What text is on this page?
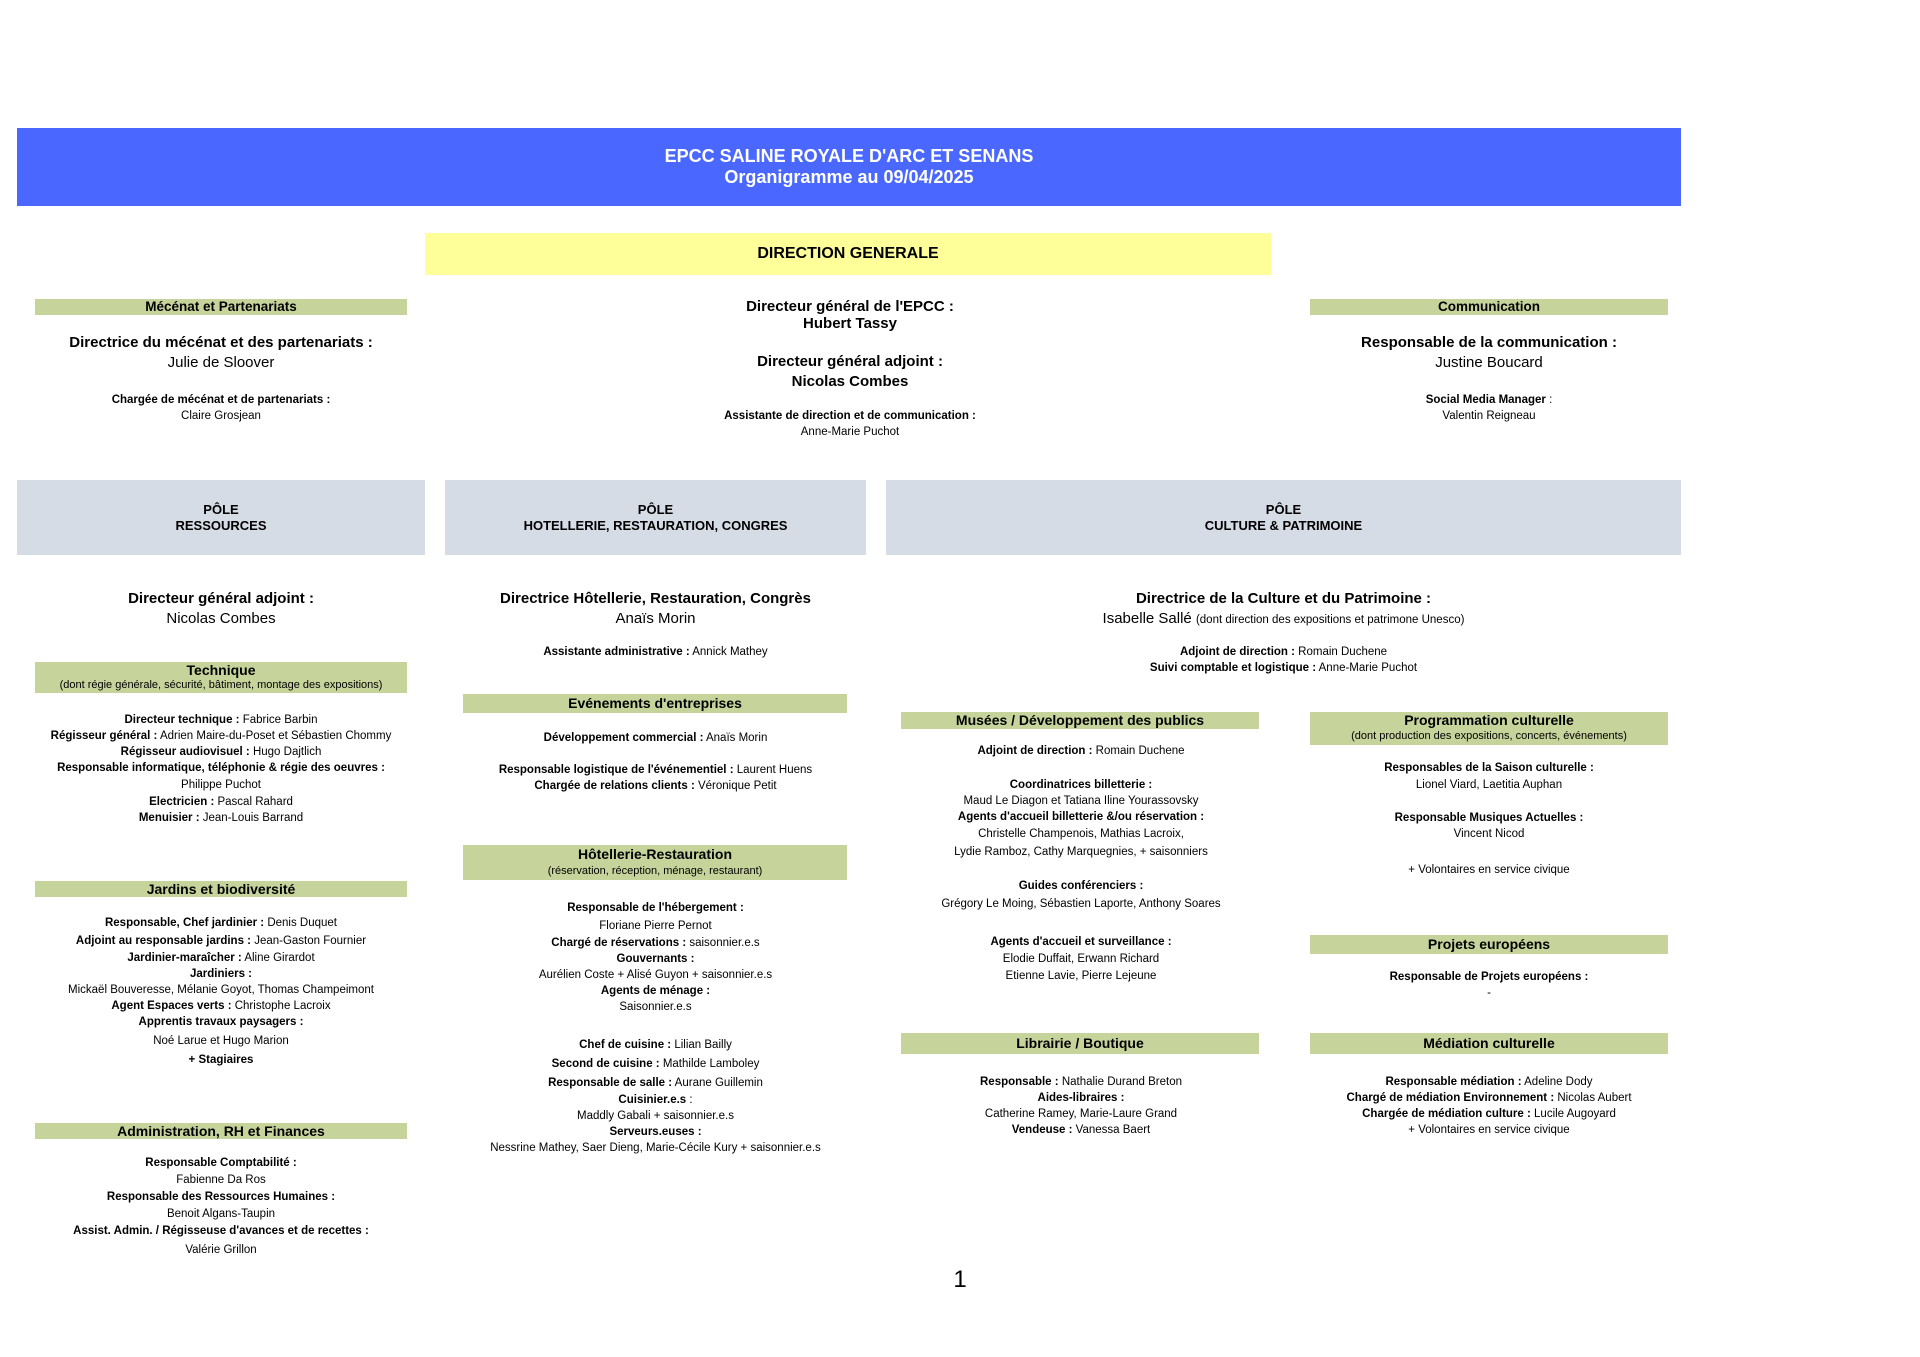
EPCC SALINE ROYALE D'ARC ET SENANS
Organigramme au 09/04/2025
DIRECTION GENERALE
Directeur général de l'EPCC :
Hubert Tassy
Directeur général adjoint :
Nicolas Combes
Assistante de direction et de communication :
Anne-Marie Puchot
Mécénat et Partenariats
Directrice du mécénat et des partenariats :
Julie de Sloover
Chargée de mécénat et de partenariats :
Claire Grosjean
Communication
Responsable de la communication :
Justine Boucard
Social Media Manager :
Valentin Reigneau
PÔLE
RESSOURCES
PÔLE
HOTELLERIE, RESTAURATION, CONGRES
PÔLE
CULTURE & PATRIMOINE
Directeur général adjoint :
Nicolas Combes
Technique
(dont régie générale, sécurité, bâtiment, montage des expositions)
Directeur technique : Fabrice Barbin
Régisseur général : Adrien Maire-du-Poset et Sébastien Chommy
Régisseur audiovisuel : Hugo Dajtlich
Responsable informatique, téléphonie & régie des oeuvres :
Philippe Puchot
Electricien : Pascal Rahard
Menuisier : Jean-Louis Barrand
Jardins et biodiversité
Responsable, Chef jardinier : Denis Duquet
Adjoint au responsable jardins : Jean-Gaston Fournier
Jardinier-maraîcher : Aline Girardot
Jardiniers :
Mickaël Bouveresse, Mélanie Goyot, Thomas Champeimont
Agent Espaces verts : Christophe Lacroix
Apprentis travaux paysagers :
Noé Larue et Hugo Marion
+ Stagiaires
Administration, RH et Finances
Responsable Comptabilité :
Fabienne Da Ros
Responsable des Ressources Humaines :
Benoit Algans-Taupin
Assist. Admin. / Régisseuse d'avances et de recettes :
Valérie Grillon
Directrice Hôtellerie, Restauration, Congrès
Anaïs Morin
Assistante administrative : Annick Mathey
Evénements d'entreprises
Développement commercial : Anaïs Morin
Responsable logistique de l'événementiel : Laurent Huens
Chargée de relations clients : Véronique Petit
Hôtellerie-Restauration
(réservation, réception, ménage, restaurant)
Responsable de l'hébergement :
Floriane Pierre Pernot
Chargé de réservations : saisonnier.e.s
Gouvernants :
Aurélien Coste + Alisé Guyon + saisonnier.e.s
Agents de ménage :
Saisonnier.e.s
Chef de cuisine : Lilian Bailly
Second de cuisine : Mathilde Lamboley
Responsable de salle : Aurane Guillemin
Cuisinier.e.s :
Maddly Gabali + saisonnier.e.s
Serveurs.euses :
Nessrine Mathey, Saer Dieng, Marie-Cécile Kury + saisonnier.e.s
Directrice de la Culture et du Patrimoine :
Isabelle Sallé (dont direction des expositions et patrimone Unesco)
Adjoint de direction : Romain Duchene
Suivi comptable et logistique : Anne-Marie Puchot
Musées / Développement des publics
Adjoint de direction : Romain Duchene
Coordinatrices billetterie :
Maud Le Diagon et Tatiana Iline Yourassovsky
Agents d'accueil billetterie &/ou réservation :
Christelle Champenois, Mathias Lacroix,
Lydie Ramboz, Cathy Marquegnies, + saisonniers
Guides conférenciers :
Grégory Le Moing, Sébastien Laporte, Anthony Soares
Agents d'accueil et surveillance :
Elodie Duffait, Erwann Richard
Etienne Lavie, Pierre Lejeune
Programmation culturelle
(dont production des expositions, concerts, événements)
Responsables de la Saison culturelle :
Lionel Viard, Laetitia Auphan
Responsable Musiques Actuelles :
Vincent Nicod
+ Volontaires en service civique
Projets européens
Responsable de Projets européens :
-
Librairie / Boutique
Responsable : Nathalie Durand Breton
Aides-libraires :
Catherine Ramey, Marie-Laure Grand
Vendeuse : Vanessa Baert
Médiation culturelle
Responsable médiation : Adeline Dody
Chargé de médiation Environnement : Nicolas Aubert
Chargée de médiation culture : Lucile Augoyard
+ Volontaires en service civique
1
